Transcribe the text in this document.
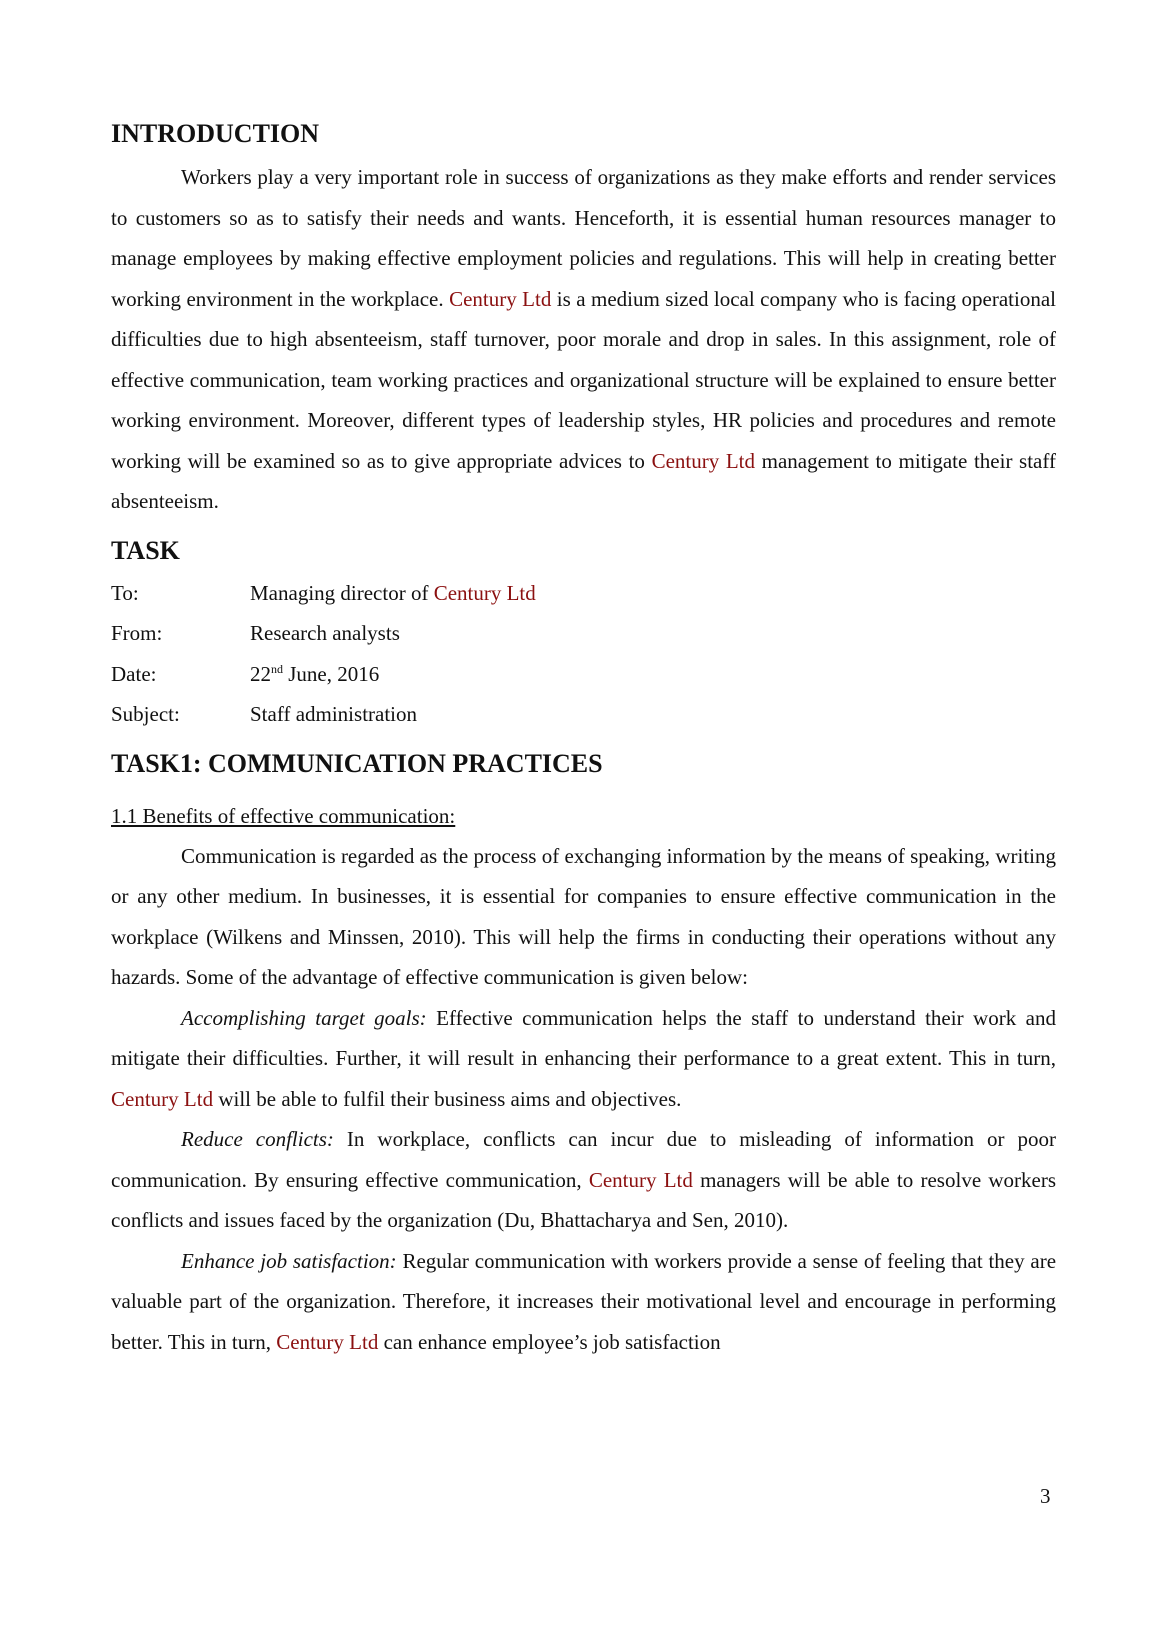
INTRODUCTION

Workers play a very important role in success of organizations as they make efforts and render services to customers so as to satisfy their needs and wants. Henceforth, it is essential human resources manager to manage employees by making effective employment policies and regulations. This will help in creating better working environment in the workplace. Century Ltd is a medium sized local company who is facing operational difficulties due to high absenteeism, staff turnover, poor morale and drop in sales. In this assignment, role of effective communication, team working practices and organizational structure will be explained to ensure better working environment. Moreover, different types of leadership styles, HR policies and procedures and remote working will be examined so as to give appropriate advices to Century Ltd management to mitigate their staff absenteeism.

TASK
To:	Managing director of Century Ltd
From:	Research analysts
Date:	22nd June, 2016
Subject:	Staff administration
TASK1: COMMUNICATION PRACTICES
1.1 Benefits of effective communication:

Communication is regarded as the process of exchanging information by the means of speaking, writing or any other medium. In businesses, it is essential for companies to ensure effective communication in the workplace (Wilkens and Minssen, 2010). This will help the firms in conducting their operations without any hazards. Some of the advantage of effective communication is given below:

Accomplishing target goals: Effective communication helps the staff to understand their work and mitigate their difficulties. Further, it will result in enhancing their performance to a great extent. This in turn, Century Ltd will be able to fulfil their business aims and objectives.

Reduce conflicts: In workplace, conflicts can incur due to misleading of information or poor communication. By ensuring effective communication, Century Ltd managers will be able to resolve workers conflicts and issues faced by the organization (Du, Bhattacharya and Sen, 2010).

Enhance job satisfaction: Regular communication with workers provide a sense of feeling that they are valuable part of the organization. Therefore, it increases their motivational level and encourage in performing better. This in turn, Century Ltd can enhance employee’s job satisfaction

3
